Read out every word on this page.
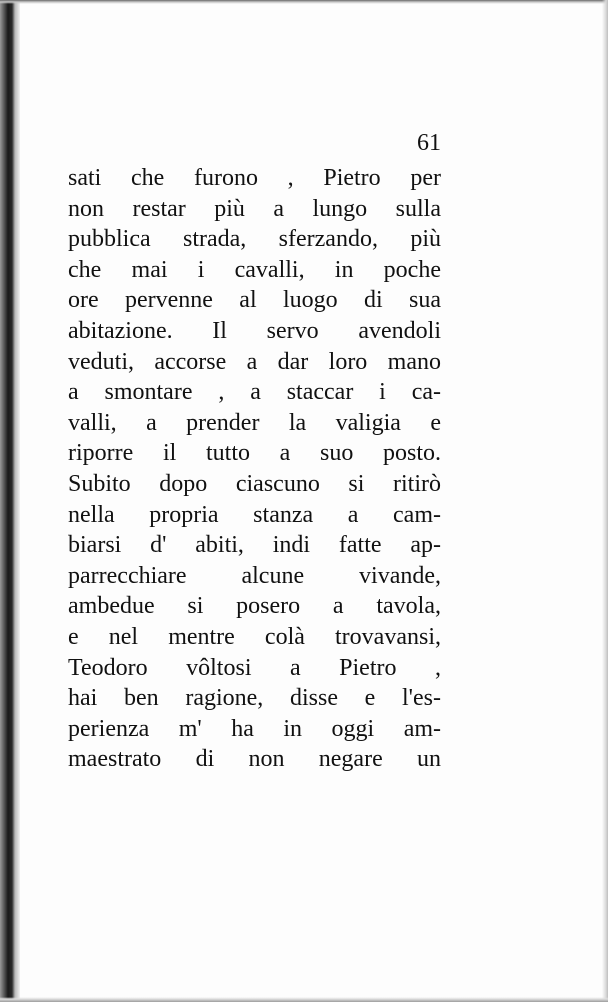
61
sati che furono , Pietro per
non restar più a lungo sulla
pubblica strada, sferzando, più
che mai i cavalli, in poche
ore pervenne al luogo di sua
abitazione. Il servo avendoli
veduti, accorse a dar loro mano
a smontare , a staccar i ca-
valli, a prender la valigia e
riporre il tutto a suo posto.
Subito dopo ciascuno si ritirò
nella propria stanza a cam-
biarsi d' abiti, indi fatte ap-
parrecchiare alcune vivande,
ambedue si posero a tavola,
e nel mentre colà trovavansi,
Teodoro vôltosi a Pietro ,
hai ben ragione, disse e l'es-
perienza m' ha in oggi am-
maestrato di non negare un
